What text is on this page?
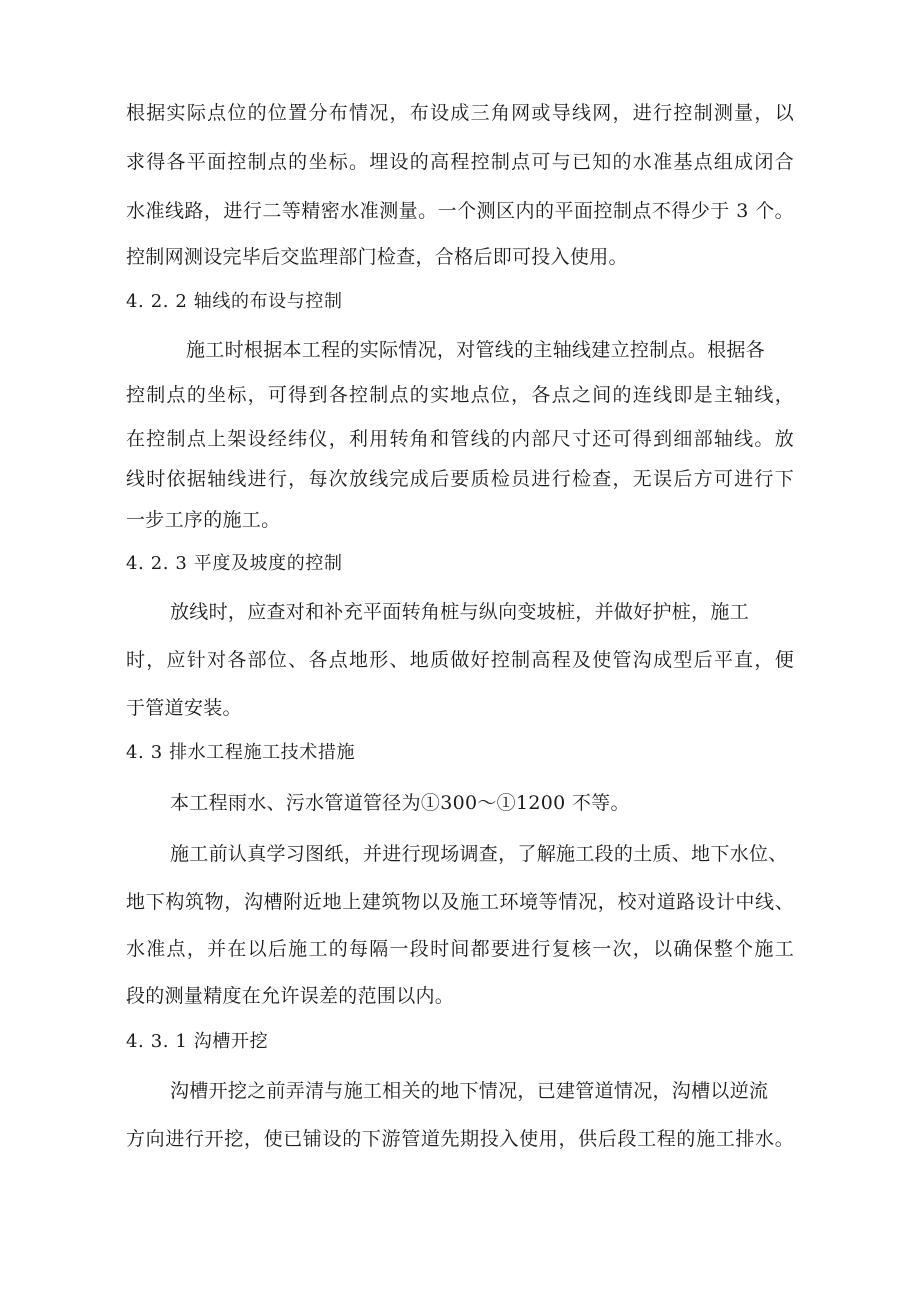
根据实际点位的位置分布情况，布设成三角网或导线网，进行控制测量，以
求得各平面控制点的坐标。埋设的高程控制点可与已知的水准基点组成闭合
水准线路，进行二等精密水准测量。一个测区内的平面控制点不得少于 3 个。
控制网测设完毕后交监理部门检查，合格后即可投入使用。
4. 2. 2 轴线的布设与控制
施工时根据本工程的实际情况，对管线的主轴线建立控制点。根据各
控制点的坐标，可得到各控制点的实地点位，各点之间的连线即是主轴线，
在控制点上架设经纬仪，利用转角和管线的内部尺寸还可得到细部轴线。放
线时依据轴线进行，每次放线完成后要质检员进行检查，无误后方可进行下
一步工序的施工。
4. 2. 3 平度及坡度的控制
放线时，应查对和补充平面转角桩与纵向变坡桩，并做好护桩，施工
时，应针对各部位、各点地形、地质做好控制高程及使管沟成型后平直，便
于管道安装。
4. 3 排水工程施工技术措施
本工程雨水、污水管道管径为①300～①1200 不等。
施工前认真学习图纸，并进行现场调查，了解施工段的土质、地下水位、
地下构筑物，沟槽附近地上建筑物以及施工环境等情况，校对道路设计中线、
水准点，并在以后施工的每隔一段时间都要进行复核一次，以确保整个施工
段的测量精度在允许误差的范围以内。
4. 3. 1 沟槽开挖
沟槽开挖之前弄清与施工相关的地下情况，已建管道情况，沟槽以逆流
方向进行开挖，使已铺设的下游管道先期投入使用，供后段工程的施工排水。
